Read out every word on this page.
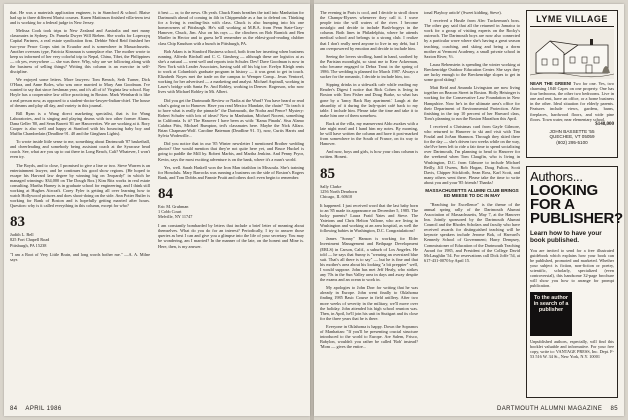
that. He was a materials application engineer, is in Stamford & school. Blaise had up to three different Marist courses. Karen Mattinson finished villa-term test and is working for a federal judge in New Jersey.

Melissa Cook took trips to New Zealand and Australia and met many classmates in Sydney. Dr. Pamela Dwyer Will Rieben. She works for Lopeczyq Capital Partners, a real estate syndication firm. Debbie Ward Reid finished her two-year Peace Corps stint in Ecuador and is somewhere in Massachusetts. Another overseas type, Patricia Kinsman is someplace else. The mother wrote to keep us informed of her very colorful trip to Nepal, China, Tibet, the Philippines — oh yes, everywhere — she was there. Why, why are we following along with the business of selling things? Writing this column is an exercise in self-discipline.

We enjoyed some letters. More lawyers: Tom Bensch, Seth Turner, Dick O'Hara, and Anne Boles, who was once married to Mary Ann Goodman. I've wanted to say that since freshman year, and it's all of it! Virginia law school. Ray Hoyle has a cooperative law office practicing in Boston. Mark Weinhardt is like a real person now, as opposed to a student-doctor-lawyer-Indian-chief. The house of dreams and play all day, and variety in this journal.

Bill Ryan is a Wang direct marketing specialist, that is for Wang Laboratories, and is singing and playing drums with two other former Alums. Dana Geller '80, and Sean Barrett '81 are Hanoverites. We are working at it. Rory Cooper is also well and happy at Stanford with his bouncing baby boy and Muffin Chamberlain (Deadline 91. 40 and the Gingham Lights).

To wrote inside little sense to me, something about Dartmouth '87 basketball, and cheerleading and somebody being assistant coach at the Syracuse head coach. See, what are you up to out there in Long Beach, Cali? Whatever, I won't even try.

The Boyds, and to close, I promised to give a line or two. Steve Warren is an entertainment lawyer, and he continues his good show regions. (He hoped to escape his Harvard law degree by winning big on 'Jeopardy!' in which he managed winnings: $34,000 on The Dough Box.) Kim Ritz works in real estate consulting. Martha Harney is in graduate school for engineering, and I think still working at Hughes Aircraft. Corey Fyler is getting all over learning how to watch Hollywood pictures and does shoot-doing on the side. Ann Potter Butler is working for Bank of Boston and is hopefully getting married after hours. Question: why is it called everything in this column, except for who?

83
Judith L. Bell
825 Fort Chapell Road
Pittsburgh, PA 15238

"I am a Root of Very Little Brain, and long words bother me." —A. A. Milne says

it best — or, to the news. Oh yeah. Chuck Ennis breathes the trail into Manhattan for Dartmouth ahead of coming in 4th in Chippendale as a fun to defend on. Thinking for a living is reading-lists with class. Chuck is also bumping into his one homeowners of Pittsburgh. He's still working at M.B.A. from Penn State-Gray-Hanover, Chuck, Jim. Also on his rays — the clinchers on Bob Barnick and Ben Mariler in Hector and to guess he'll remember as the eldest-good-reading clubber class Chip Knudson with a bunch in Pittsburgh, PA.

Bob Adam is in Stanford Business school, both from her inserting when business running. Alfredo Birchall and C. C. Ginsberg — although these are logistics at as she's a natural — went well and reports into Schuler. Dev! Dave Goodman is now in New York with Leader Associates, having sold off his big toe. Evelyn Kleigh rents to work at Columbia's graduate program in history — it was great to get in touch. Elizabeth Noyes met the trade on the campus to Wemper Comp.. Jesus Ventorel, working for her advertised — a marketing and analyst. Michael Aspinall, working in Laser's bridge with Santa Fe. And Robley, working in Denver. Rogerson, who now lives with Michael Robley in Mt. Albert.

Did you get the Dartmouth Review or Nadia at the Ward? You have heard or read what's going on to Hanover. Have you read Mexico Mandate, the chain? "To teach it to have what is really the pinnacle" the Dartmouth, the Nodra and Pence? Mystery: Robert Schufer with lots of ideas? Now in Manhattan, Michael Nocent, something in California. Is it? The Hanover I have been as with: 'Kama Pinadu'. Sisu Alamo Calabra Pitts, Michael Bumpton, ted's classmates here. Maybe the Nick Alfaro. Brian Chapman-Wolf. Caroline Bateman (Deadline 91. 5), now, Curtis Harris and Sylvia Wodewille...

Did you notice that in our '85 Winter newsletter I mentioned Brother wedding photos? One would mention that they're not quite here yet, and Bruce Huckel is going to paddle the Mill by. Robert Marbis, and Martha Jenkins. And Penny Pryor, Kevin, says the most exciting adventure is on the bank, where it's a man's world.

Yes, well. Sarah Haskell won the Iron Man triathlon in Missoula. She's training for Honolulu. Mary Barrocks was running a business on the side of Boston's Rogers Bank, and Tom Dobbs and Fannie Pruitt and others don't even begin to remember.

84
Eric M. Grubman
1 Cobb Court
Melville, NY 11747

I am constantly bombarded by letters that include a brief letter of meaning about themselves. What do you do for an interest? Periodically, I try to answer those queries as best I can and give you a glimpse into the life of your secretary. You may be wondering, am I married? In the manner of the late, on the honest and Mine is. Here, then, is my answer.

84 APRIL 1986

The evening in Paris is cool, and I decide to stroll down the Champs-Elysees whenever they call it. I wave people into the will waters of the river. I become nostalgic and decide to include Bush-bogeys in the column. Both lines in Philadelphia, where he attends medical school and belongs to a strong club. I realize that I don't really need anyone to live in my debt, but I am overpowered by emotion and decide to include him.

Seeing the lovers strolling, hand in hand, soothed by the Parisian moonlight, so stout me to Kerr Ackerman, who became engaged to Debra Trout in the spring of 1986. The wedding is planned for March 1987. Always a sucker for the romantic, I decide to include him, too.

Sipping drinks in a sidewalk cafe while reading my Reader's Digest I notice that Rick Cohen is living in Boston with Tom Fisher and Doug Burke, so what has gone by a 'fancy Back Bay apartment.' Laugh at the absurdity of it during the lady-quiet café back to my table. I include him. Please take the time and take it to make him one of them somehow.

Back at the villa, my manservant Aldo awakes with a late night meal and I hand him my notes. By morning, he will have written the column and have it post-marked from somewhere in the South of France, on its way to Hanover.

And now, boys and girls, is how your class column is written. Honest.

85
Sally Clarke
1256 North Dearborn
Chicago, IL 60610

It happened. I just received word that the last baby born to an '85 made its appearance on December 5, 1985. The lucky parents? Laura Fraid Yates and Steve. The Yatetons and Chris Helton Vallone, who are living in Washington and working at an area hospital, as well the following babies in Washington, D.C. Congratulations!

James "Sonny" Hanson is working for Elder Investment Management and Bethpage Development (ERLS) in Carson, Calif., a suburb of Los Angeles. He told — he says that Sunny is "wearing an oversized blue suit. That's all there is to say" — but he is fine and that his mother's area about his looking "a bit preppier" well, I would suppose. John has met Jeff Healy, who strikes any 70s in the Sun Valley area in days and away despite the exams and an ocean to work in.

My apologies to John Dorr for writing that he was already in Europe. John went finally to Oklahoma finding 1985 Basic Course in field artillery. After two more weeks of severity in the military, we'll move over the holiday. John attended his high school reunion was. Then, in April, he'll join his unit in Stuttgart and its close for the three years that he is there.

Everyone in Oklahoma is happy. Down the Sopranos of Manhattan: "If you'll be presenting crucial structure introduced to the world to Europe. Are Salem, Frisco, Babylon, wouldn't you rather be called 'Bob' instead? 'Mom — gives the entire...

ional Playboy article' (Sweet kidding, Steve).

I received a Hustle from Alec Tuckerman's boss. The other guy said that all the returned in Jamaica to work for a group of visiting experts on the Rocky's outreach. The Dartmouth boys are now also connected by a particular wave where she's having a great season teaching, coaching, and skiing and being a dorm mother at Vermont Academy, a small private school in Saxton River, Vt.

Laura Rebenstein is spending the winter working at Breckenridge Outdoor Education Center. She says they are lucky enough to the Breckenridge slopes to get in some good skiing!

Matt Reid and Amanda Livingston are now living together on Beacon Street in Boston. Holly Heisinger is working for the Conservative Law Foundation in New Hampshire. Now he's in the ultimate area's office for their Department of Environmental Protection. After finishing in the top 10 percent of her Harvard class, Tom's planning to run the Boston Marathon this April.

I received a Christmas card from Gayle Gilmore, who returned to Hanover to ski and visit with Tim Fosdal and JoAnn Shannon. Through they skied there for the day — she's driven two weeks while on the way, she'd've been left to ride a fair time to spend socializing over Dartmouth, I'm planning to head to Hanover for the weekend when Tom Claugfin, who is living in Washington, D.C. from Gilmore to include Michael Reilly, Jill Owens, Rob Hogan, Doug Fulton, Scott Davis, Chipper Stickforth, Sean Ross, Karl Scott, and many others went there. Please take the time to write about you and your '85 friends! Thanks!

MASSACHUSETTS ALUMNI CLUB BRINGS ED MEESE TO DC IN MAY

"Reaching for Excellence" is the theme of the annual spring rally of the Dartmouth Alumni Association of Massachusetts, May 7, at the Hanover Inn. Jointly sponsored by the Dartmouth Alumni Council and the Rhodes Scholars and faculty who have received awards for distinguished teaching will be keynote speakers include Jerome Bok, of Harvard's Kennedy School of Government; Harry Dempsey, Commissioner of Education of the Dartmouth Teaching Award for 1985, and President of the College David McLaughlin '54. For reservations call Dick Joffe '54, at 617-431-0070 by April 15.

LYME VILLAGE
NEAR THE GREEN! Two for one. Yes, two charming 1840 Capes on one property. One has four bedrooms, the other two bedrooms. Live in one and rent, have an office, or a home business in the other. Ideal situation for elderly parents. Features include views, gardens, barns, fireplaces, hardwood floors, and wide pine floors. Town water, near elementary school.
$148,000
JOHN BASSETTE '55
QUECHEE, VT 05059
(802) 295-5100
Authors...
LOOKING
FOR A
PUBLISHER?
Learn how to have your book published.
You are invited to send for a free illustrated guidebook which explains how your book can be published, promoted and marketed. Whether your subject is fiction, non-fiction or poetry, scientific, scholarly, specialized (even controversial), this handsome 32-page brochure will show you how to arrange for prompt publication.
To the author in search of a publisher
Unpublished authors, especially, will find this booklet valuable and informative. For your free copy, write to: VANTAGE PRESS, Inc. Dept. F-53 516 W. 34 St., New York, N.Y. 10001
DARTMOUTH ALUMNI MAGAZINE 85
